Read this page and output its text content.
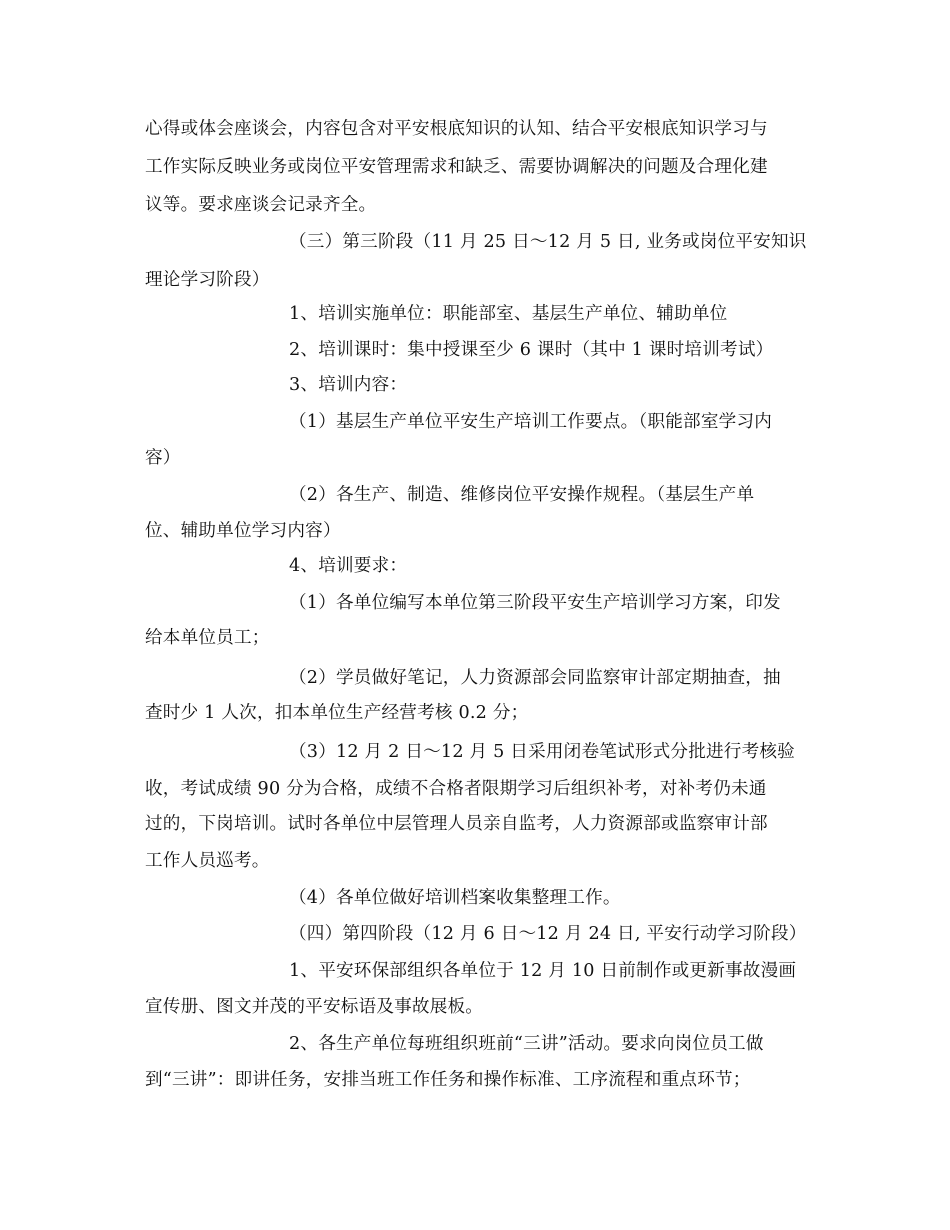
心得或体会座谈会，内容包含对平安根底知识的认知、结合平安根底知识学习与
工作实际反映业务或岗位平安管理需求和缺乏、需要协调解决的问题及合理化建
议等。要求座谈会记录齐全。
（三）第三阶段（11 月 25 日～12 月 5 日, 业务或岗位平安知识
理论学习阶段）
1、培训实施单位：职能部室、基层生产单位、辅助单位
2、培训课时：集中授课至少 6 课时（其中 1 课时培训考试）
3、培训内容：
（1）基层生产单位平安生产培训工作要点。（职能部室学习内
容）
（2）各生产、制造、维修岗位平安操作规程。（基层生产单
位、辅助单位学习内容）
4、培训要求：
（1）各单位编写本单位第三阶段平安生产培训学习方案，印发
给本单位员工；
（2）学员做好笔记，人力资源部会同监察审计部定期抽查，抽
查时少 1 人次，扣本单位生产经营考核 0.2 分；
（3）12 月 2 日～12 月 5 日采用闭卷笔试形式分批进行考核验
收，考试成绩 90 分为合格，成绩不合格者限期学习后组织补考，对补考仍未通
过的，下岗培训。试时各单位中层管理人员亲自监考，人力资源部或监察审计部
工作人员巡考。
（4）各单位做好培训档案收集整理工作。
（四）第四阶段（12 月 6 日～12 月 24 日, 平安行动学习阶段）
1、平安环保部组织各单位于 12 月 10 日前制作或更新事故漫画
宣传册、图文并茂的平安标语及事故展板。
2、各生产单位每班组织班前“三讲”活动。要求向岗位员工做
到“三讲”：即讲任务，安排当班工作任务和操作标准、工序流程和重点环节；
